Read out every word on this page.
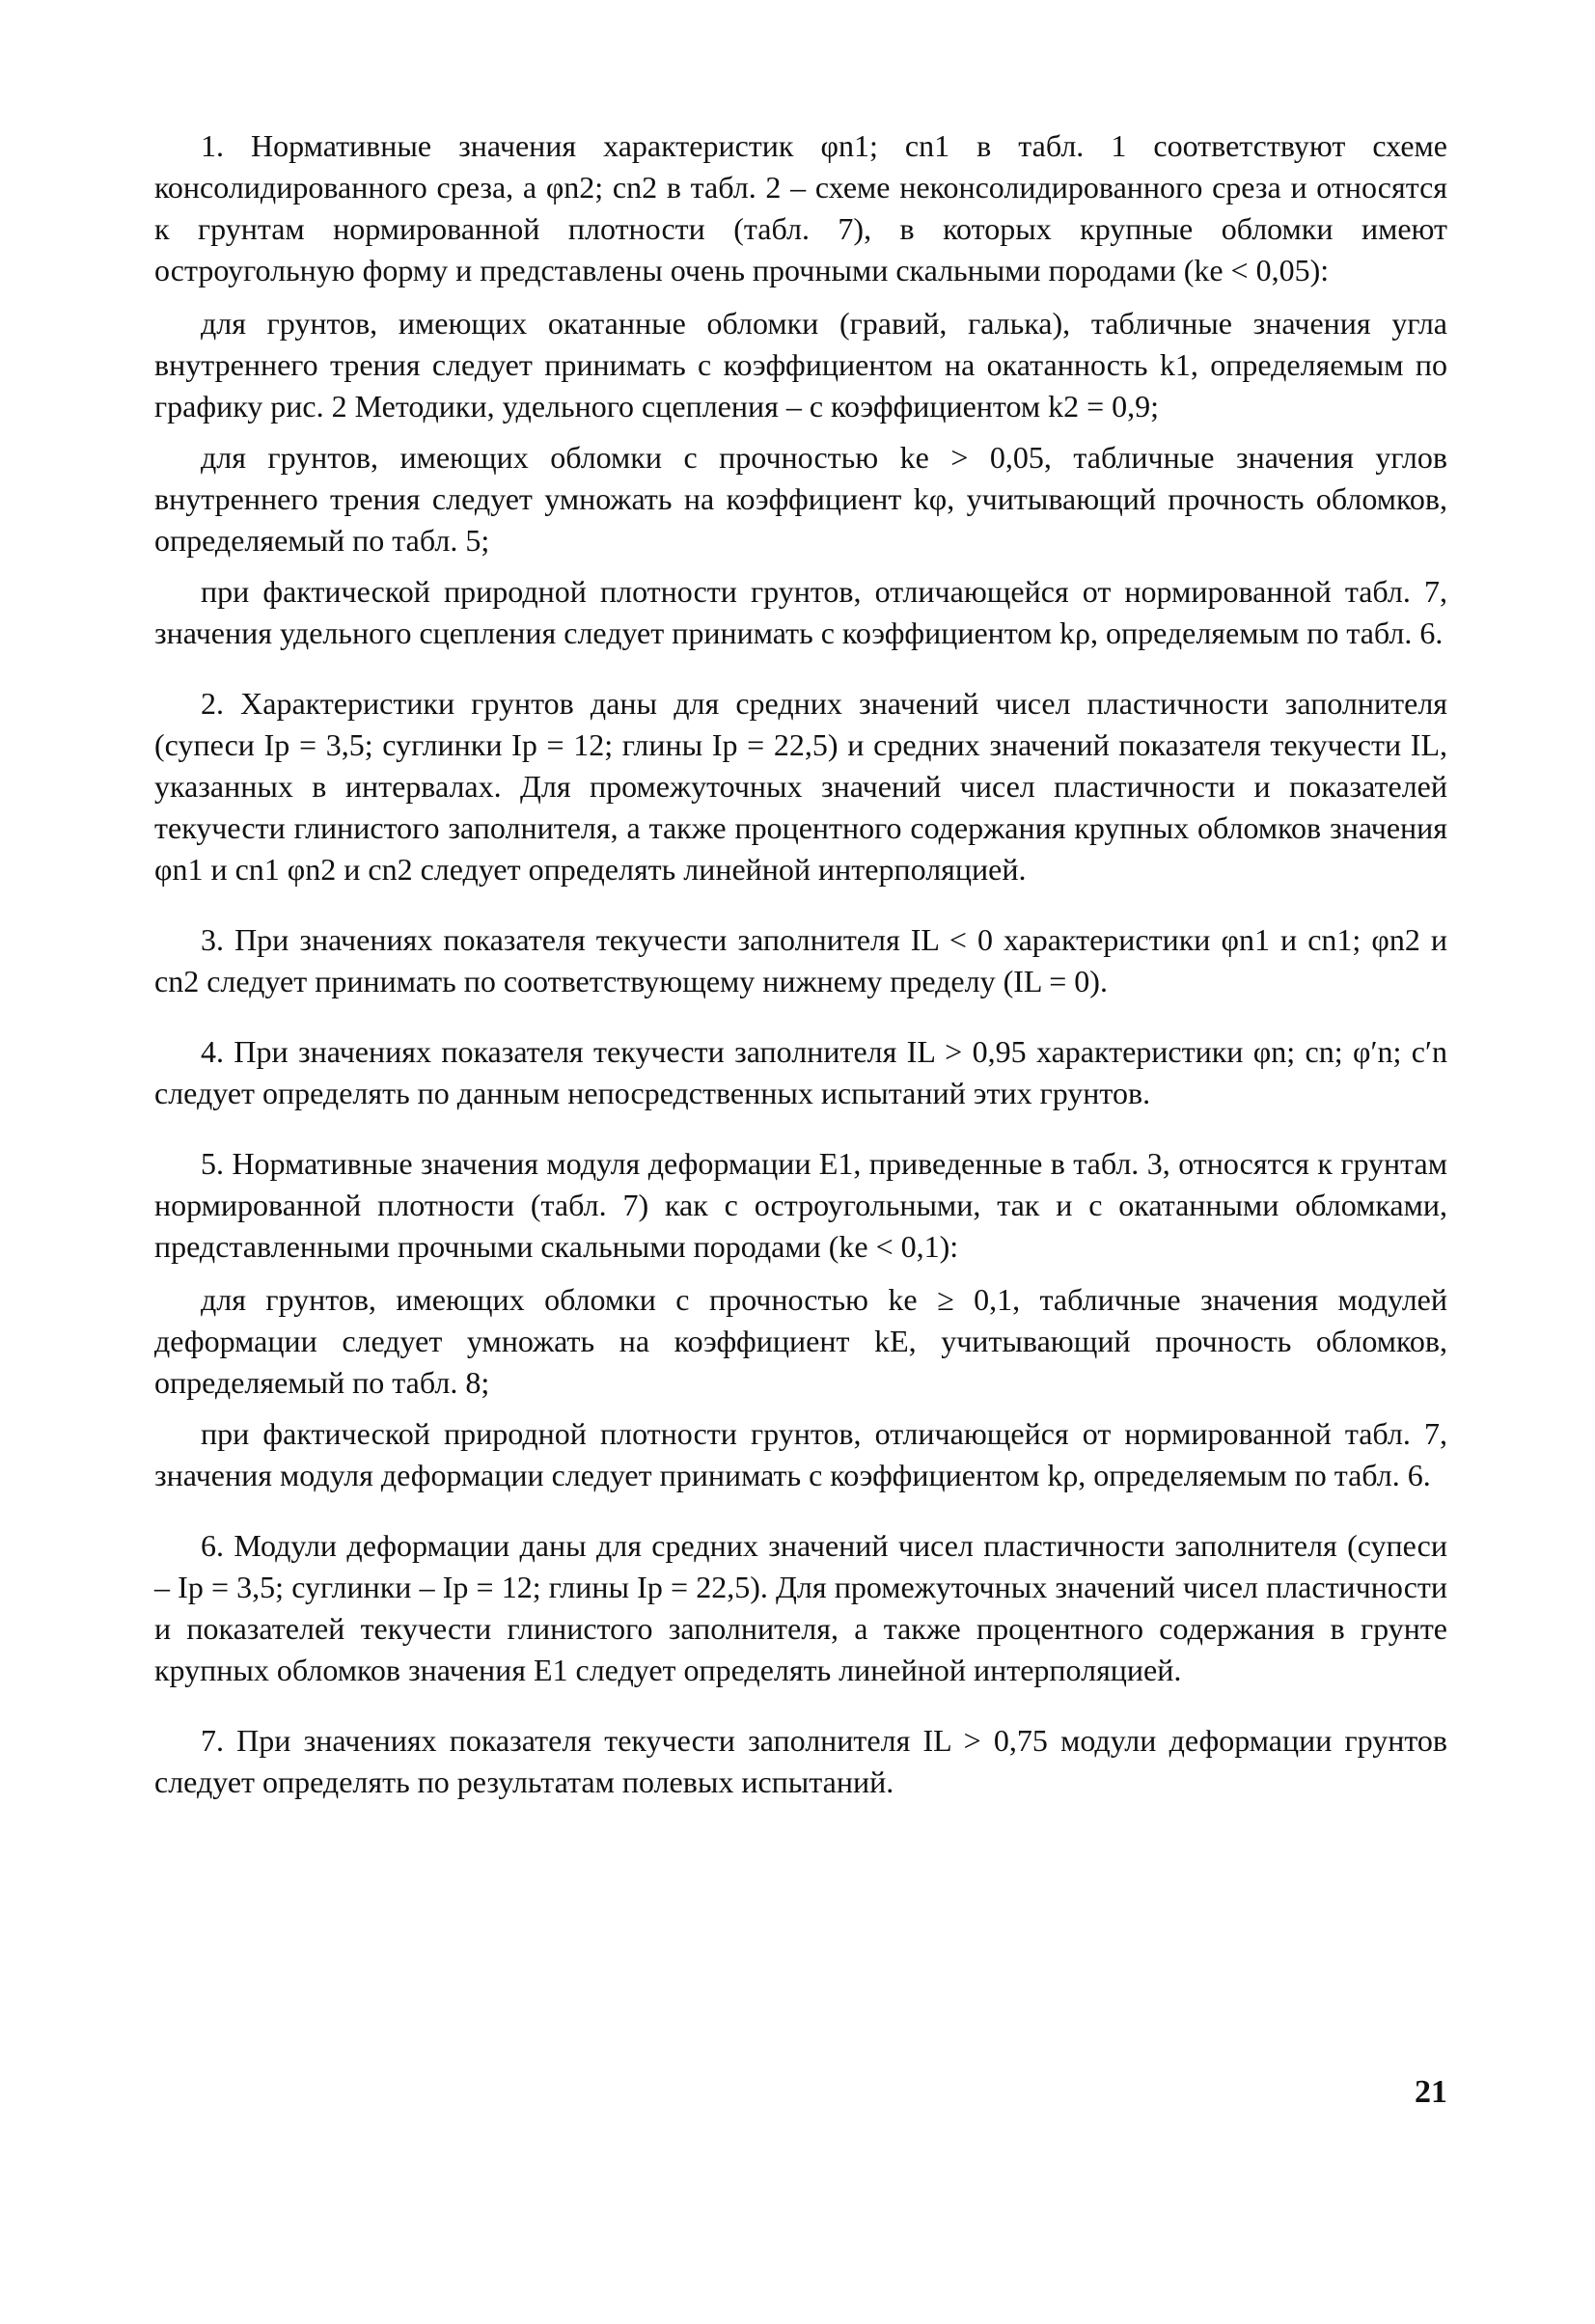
1. Нормативные значения характеристик φn1; cn1 в табл. 1 соответствуют схеме консолидированного среза, а φn2; cn2 в табл. 2 – схеме неконсолидированного среза и относятся к грунтам нормированной плотности (табл. 7), в которых крупные обломки имеют остроугольную форму и представлены очень прочными скальными породами (ke < 0,05):

для грунтов, имеющих окатанные обломки (гравий, галька), табличные значения угла внутреннего трения следует принимать с коэффициентом на окатанность k1, определяемым по графику рис. 2 Методики, удельного сцепления – с коэффициентом k2 = 0,9;

для грунтов, имеющих обломки с прочностью ke > 0,05, табличные значения углов внутреннего трения следует умножать на коэффициент kφ, учитывающий прочность обломков, определяемый по табл. 5;

при фактической природной плотности грунтов, отличающейся от нормированной табл. 7, значения удельного сцепления следует принимать с коэффициентом kρ, определяемым по табл. 6.

2. Характеристики грунтов даны для средних значений чисел пластичности заполнителя (супеси Ip = 3,5; суглинки Ip = 12; глины Ip = 22,5) и средних значений показателя текучести IL, указанных в интервалах. Для промежуточных значений чисел пластичности и показателей текучести глинистого заполнителя, а также процентного содержания крупных обломков значения φn1 и cn1 φn2 и cn2 следует определять линейной интерполяцией.

3. При значениях показателя текучести заполнителя IL < 0 характеристики φn1 и cn1; φn2 и cn2 следует принимать по соответствующему нижнему пределу (IL = 0).

4. При значениях показателя текучести заполнителя IL > 0,95 характеристики φn; cn; φ′n; c′n следует определять по данным непосредственных испытаний этих грунтов.

5. Нормативные значения модуля деформации E1, приведенные в табл. 3, относятся к грунтам нормированной плотности (табл. 7) как с остроугольными, так и с окатанными обломками, представленными прочными скальными породами (ke < 0,1):

для грунтов, имеющих обломки с прочностью ke ≥ 0,1, табличные значения модулей деформации следует умножать на коэффициент kE, учитывающий прочность обломков, определяемый по табл. 8;

при фактической природной плотности грунтов, отличающейся от нормированной табл. 7, значения модуля деформации следует принимать с коэффициентом kρ, определяемым по табл. 6.

6. Модули деформации даны для средних значений чисел пластичности заполнителя (супеси – Ip = 3,5; суглинки – Ip = 12; глины Ip = 22,5). Для промежуточных значений чисел пластичности и показателей текучести глинистого заполнителя, а также процентного содержания в грунте крупных обломков значения E1 следует определять линейной интерполяцией.

7. При значениях показателя текучести заполнителя IL > 0,75 модули деформации грунтов следует определять по результатам полевых испытаний.

21
